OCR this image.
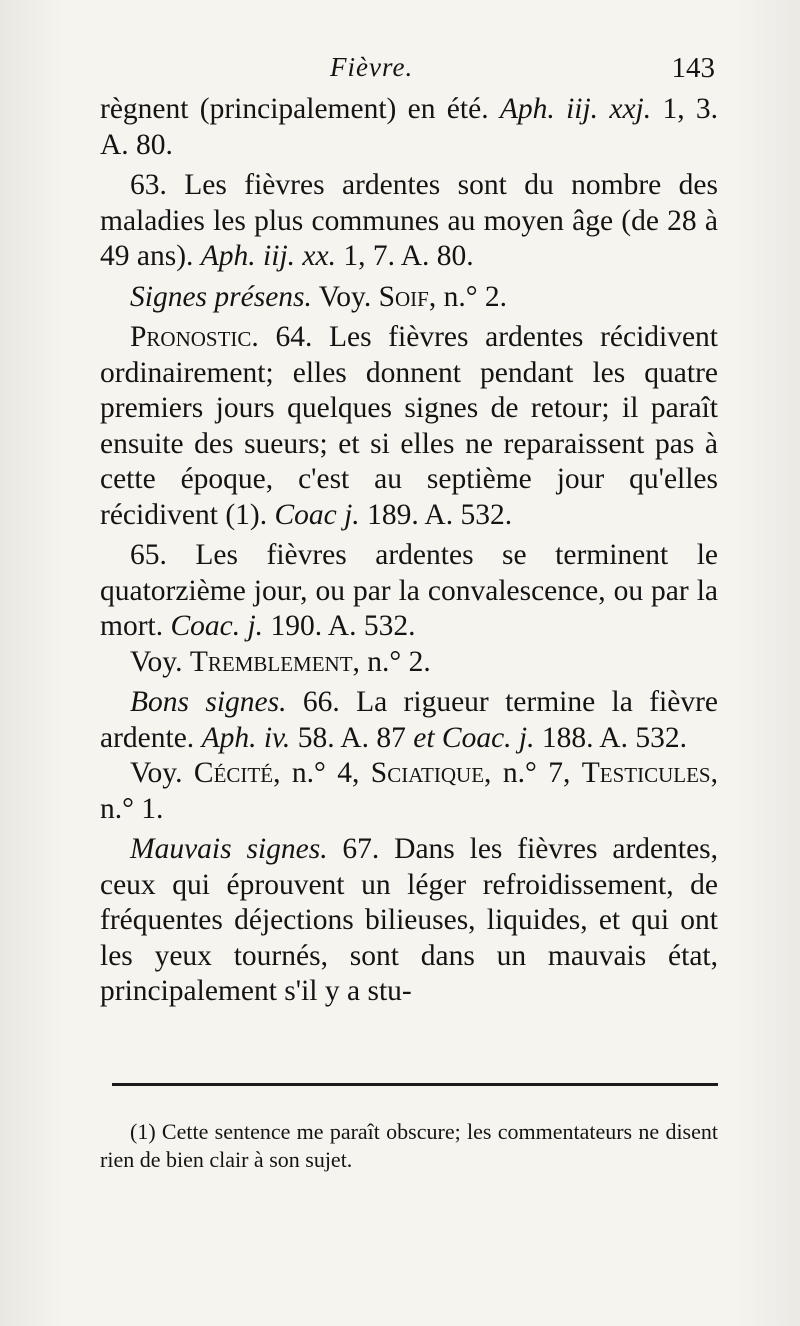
Fièvre.	143

règnent (principalement) en été. Aph. iij. xxj. 1, 3. A. 80.

63. Les fièvres ardentes sont du nombre des maladies les plus communes au moyen âge (de 28 à 49 ans). Aph. iij. xx. 1, 7. A. 80.

Signes présens. Voy. Soif, n.° 2.

Pronostic. 64. Les fièvres ardentes récidivent ordinairement; elles donnent pendant les quatre premiers jours quelques signes de retour; il paraît ensuite des sueurs; et si elles ne reparaissent pas à cette époque, c'est au septième jour qu'elles récidivent (1). Coac j. 189. A. 532.

65. Les fièvres ardentes se terminent le quatorzième jour, ou par la convalescence, ou par la mort. Coac. j. 190. A. 532.

Voy. Tremblement, n.° 2.

Bons signes. 66. La rigueur termine la fièvre ardente. Aph. iv. 58. A. 87 et Coac. j. 188. A. 532.

Voy. Cécité, n.° 4, Sciatique, n.° 7, Testicules, n.° 1.

Mauvais signes. 67. Dans les fièvres ardentes, ceux qui éprouvent un léger refroidissement, de fréquentes déjections bilieuses, liquides, et qui ont les yeux tournés, sont dans un mauvais état, principalement s'il y a stu-

(1) Cette sentence me paraît obscure; les commentateurs ne disent rien de bien clair à son sujet.
